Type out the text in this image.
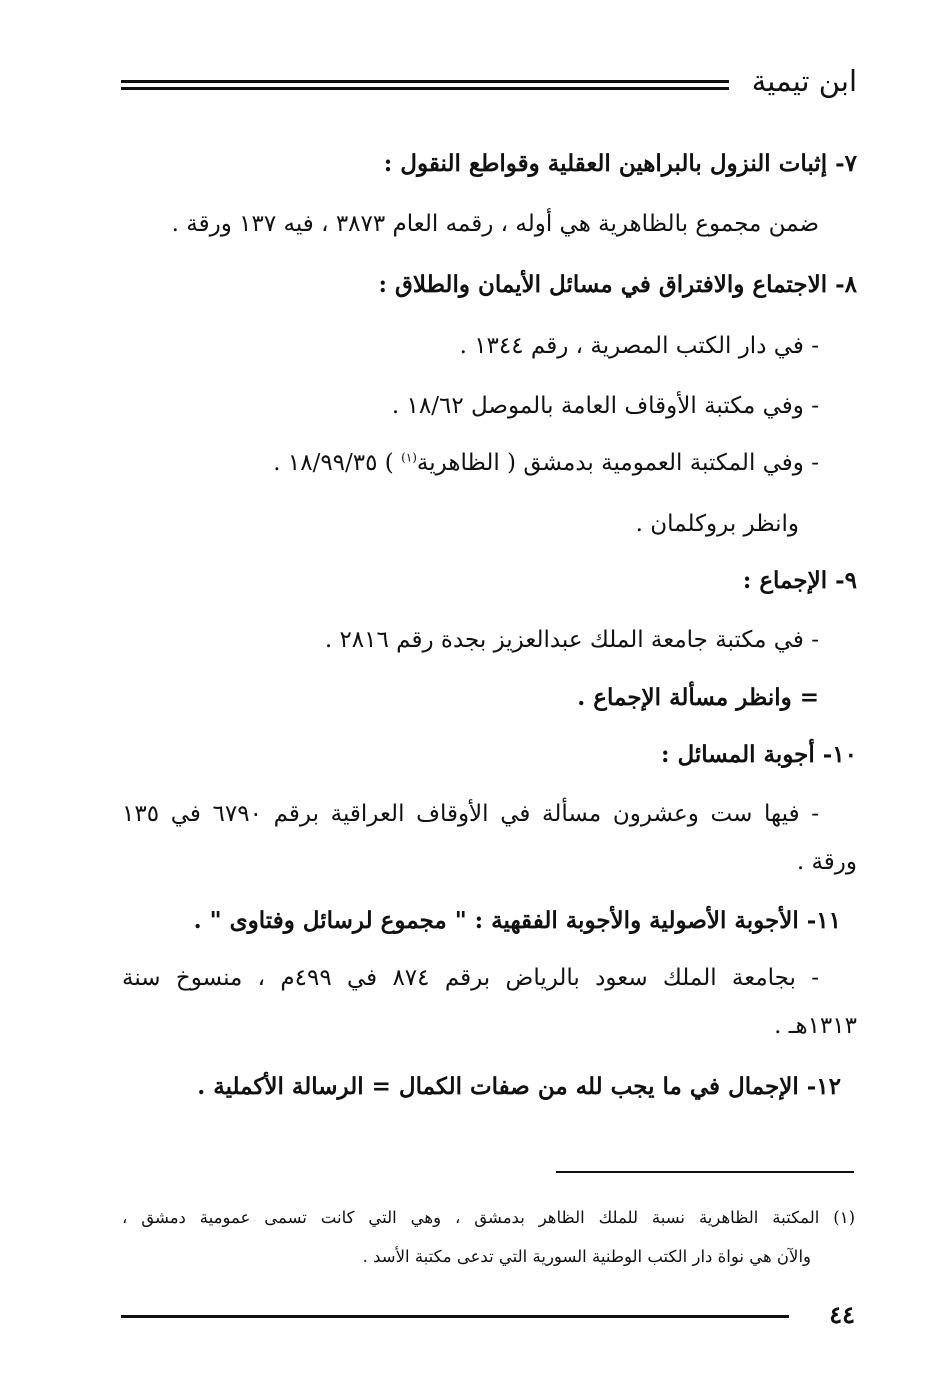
ابن تيمية
٧- إثبات النزول بالبراهين العقلية وقواطع النقول :
ضمن مجموع بالظاهرية هي أوله ، رقمه العام ٣٨٧٣ ، فيه ١٣٧ ورقة .
٨- الاجتماع والافتراق في مسائل الأيمان والطلاق :
- في دار الكتب المصرية ، رقم ١٣٤٤ .
- وفي مكتبة الأوقاف العامة بالموصل ١٨/٦٢ .
- وفي المكتبة العمومية بدمشق ( الظاهرية$^{(١)}$ ) ١٨/٩٩/٣٥ .
وانظر بروكلمان .
٩- الإجماع :
- في مكتبة جامعة الملك عبدالعزيز بجدة رقم ٢٨١٦ .
= وانظر مسألة الإجماع .
١٠- أجوبة المسائل :
- فيها ست وعشرون مسألة في الأوقاف العراقية برقم ٦٧٩٠ في ١٣٥
ورقة .
١١- الأجوبة الأصولية والأجوبة الفقهية : " مجموع لرسائل وفتاوى " .
- بجامعة الملك سعود بالرياض برقم ٨٧٤ في ٤٩٩م ، منسوخ سنة
١٣١٣هـ .
١٢- الإجمال في ما يجب لله من صفات الكمال = الرسالة الأكملية .
(١) المكتبة الظاهرية نسبة للملك الظاهر بدمشق ، وهي التي كانت تسمى عمومية دمشق ،
والآن هي نواة دار الكتب الوطنية السورية التي تدعى مكتبة الأسد .
٤٤
